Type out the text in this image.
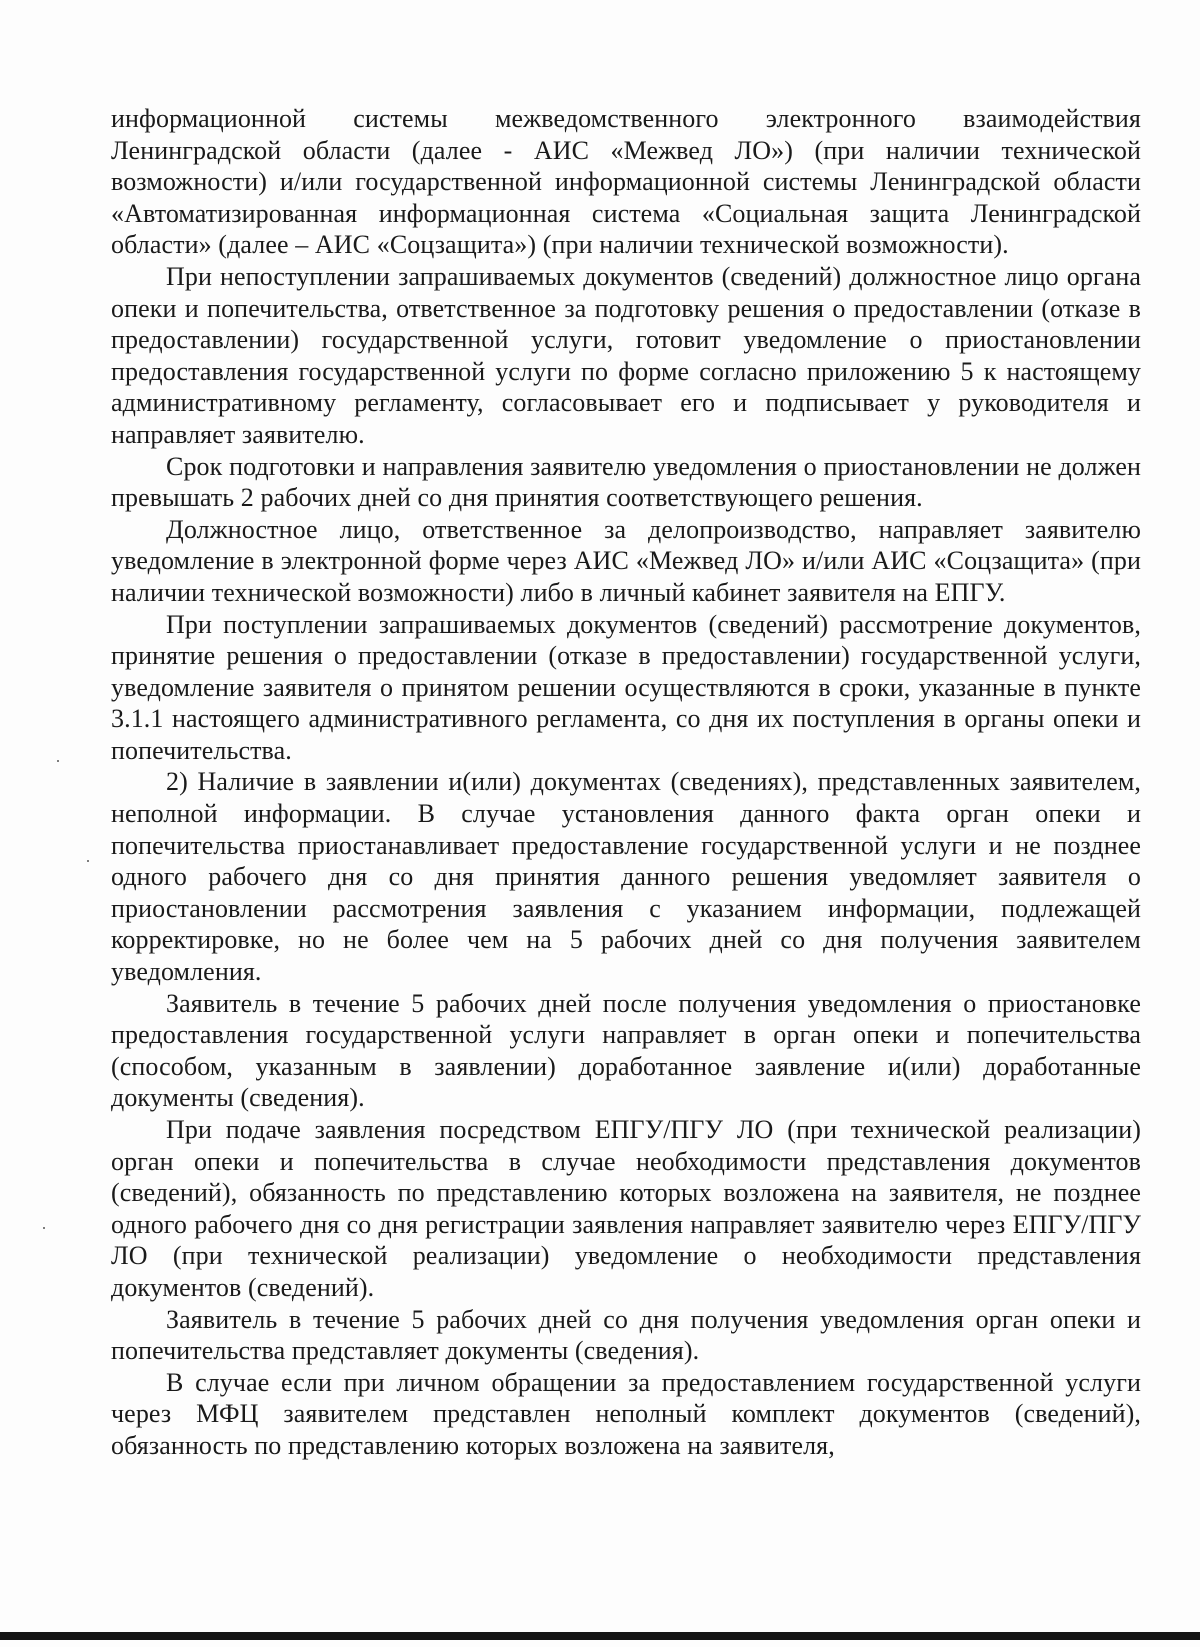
информационной системы межведомственного электронного взаимодействия Ленинградской области (далее - АИС «Межвед ЛО») (при наличии технической возможности) и/или государственной информационной системы Ленинградской области «Автоматизированная информационная система «Социальная защита Ленинградской области» (далее – АИС «Соцзащита») (при наличии технической возможности).

При непоступлении запрашиваемых документов (сведений) должностное лицо органа опеки и попечительства, ответственное за подготовку решения о предоставлении (отказе в предоставлении) государственной услуги, готовит уведомление о приостановлении предоставления государственной услуги по форме согласно приложению 5 к настоящему административному регламенту, согласовывает его и подписывает у руководителя и направляет заявителю.

Срок подготовки и направления заявителю уведомления о приостановлении не должен превышать 2 рабочих дней со дня принятия соответствующего решения.

Должностное лицо, ответственное за делопроизводство, направляет заявителю уведомление в электронной форме через АИС «Межвед ЛО» и/или АИС «Соцзащита» (при наличии технической возможности) либо в личный кабинет заявителя на ЕПГУ.

При поступлении запрашиваемых документов (сведений) рассмотрение документов, принятие решения о предоставлении (отказе в предоставлении) государственной услуги, уведомление заявителя о принятом решении осуществляются в сроки, указанные в пункте 3.1.1 настоящего административного регламента, со дня их поступления в органы опеки и попечительства.

2) Наличие в заявлении и(или) документах (сведениях), представленных заявителем, неполной информации. В случае установления данного факта орган опеки и попечительства приостанавливает предоставление государственной услуги и не позднее одного рабочего дня со дня принятия данного решения уведомляет заявителя о приостановлении рассмотрения заявления с указанием информации, подлежащей корректировке, но не более чем на 5 рабочих дней со дня получения заявителем уведомления.

Заявитель в течение 5 рабочих дней после получения уведомления о приостановке предоставления государственной услуги направляет в орган опеки и попечительства (способом, указанным в заявлении) доработанное заявление и(или) доработанные документы (сведения).

При подаче заявления посредством ЕПГУ/ПГУ ЛО (при технической реализации) орган опеки и попечительства в случае необходимости представления документов (сведений), обязанность по представлению которых возложена на заявителя, не позднее одного рабочего дня со дня регистрации заявления направляет заявителю через ЕПГУ/ПГУ ЛО (при технической реализации) уведомление о необходимости представления документов (сведений).

Заявитель в течение 5 рабочих дней со дня получения уведомления орган опеки и попечительства представляет документы (сведения).

В случае если при личном обращении за предоставлением государственной услуги через МФЦ заявителем представлен неполный комплект документов (сведений), обязанность по представлению которых возложена на заявителя,
